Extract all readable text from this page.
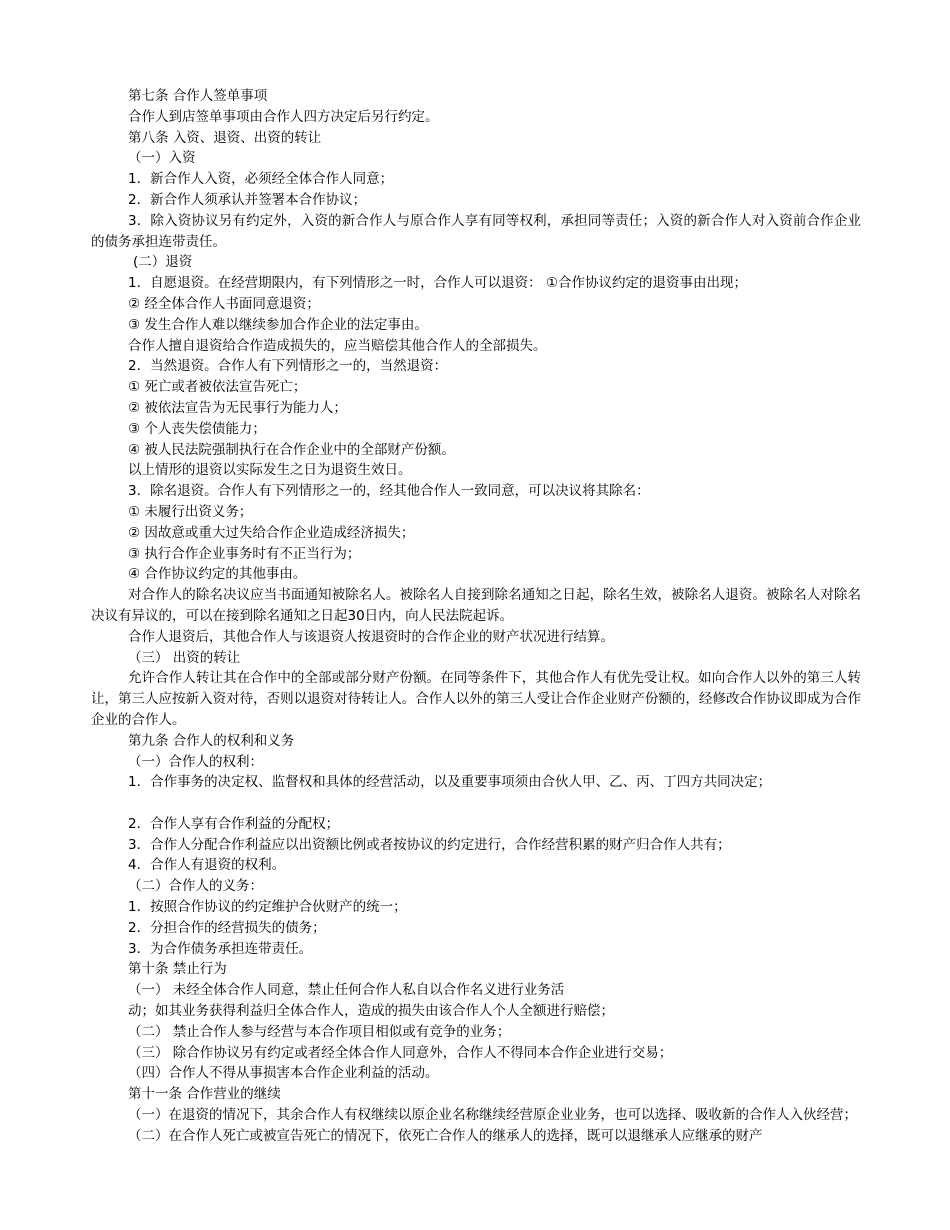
第七条 合作人签单事项
合作人到店签单事项由合作人四方决定后另行约定。
第八条 入资、退资、出资的转让
（一）入资
1．新合作人入资，必须经全体合作人同意；
2．新合作人须承认并签署本合作协议；
3．除入资协议另有约定外，入资的新合作人与原合作人享有同等权利，承担同等责任；入资的新合作人对入资前合作企业的债务承担连带责任。
(二）退资
1．自愿退资。在经营期限内，有下列情形之一时，合作人可以退资： ①合作协议约定的退资事由出现；
② 经全体合作人书面同意退资；
③ 发生合作人难以继续参加合作企业的法定事由。
合作人擅自退资给合作造成损失的，应当赔偿其他合作人的全部损失。
2．当然退资。合作人有下列情形之一的，当然退资：
① 死亡或者被依法宣告死亡；
② 被依法宣告为无民事行为能力人；
③ 个人丧失偿债能力；
④ 被人民法院强制执行在合作企业中的全部财产份额。
以上情形的退资以实际发生之日为退资生效日。
3．除名退资。合作人有下列情形之一的，经其他合作人一致同意，可以决议将其除名：
① 未履行出资义务；
② 因故意或重大过失给合作企业造成经济损失；
③ 执行合作企业事务时有不正当行为；
④ 合作协议约定的其他事由。
对合作人的除名决议应当书面通知被除名人。被除名人自接到除名通知之日起，除名生效，被除名人退资。被除名人对除名决议有异议的，可以在接到除名通知之日起30日内，向人民法院起诉。
合作人退资后，其他合作人与该退资人按退资时的合作企业的财产状况进行结算。
（三） 出资的转让
允许合作人转让其在合作中的全部或部分财产份额。在同等条件下，其他合作人有优先受让权。如向合作人以外的第三人转让，第三人应按新入资对待，否则以退资对待转让人。合作人以外的第三人受让合作企业财产份额的，经修改合作协议即成为合作企业的合作人。
第九条 合作人的权利和义务
（一）合作人的权利：
1．合作事务的决定权、监督权和具体的经营活动，以及重要事项须由合伙人甲、乙、丙、丁四方共同决定；
2．合作人享有合作利益的分配权；
3．合作人分配合作利益应以出资额比例或者按协议的约定进行，合作经营积累的财产归合作人共有；
4．合作人有退资的权利。
（二）合作人的义务：
1．按照合作协议的约定维护合伙财产的统一；
2．分担合作的经营损失的债务；
3．为合作债务承担连带责任。
第十条 禁止行为
（一） 未经全体合作人同意，禁止任何合作人私自以合作名义进行业务活
动；如其业务获得利益归全体合作人，造成的损失由该合作人个人全额进行赔偿；
（二） 禁止合作人参与经营与本合作项目相似或有竞争的业务；
（三） 除合作协议另有约定或者经全体合作人同意外，合作人不得同本合作企业进行交易；
（四）合作人不得从事损害本合作企业利益的活动。
第十一条 合作营业的继续
（一）在退资的情况下，其余合作人有权继续以原企业名称继续经营原企业业务，也可以选择、吸收新的合作人入伙经营；
（二）在合作人死亡或被宣告死亡的情况下，依死亡合作人的继承人的选择，既可以退继承人应继承的财产
